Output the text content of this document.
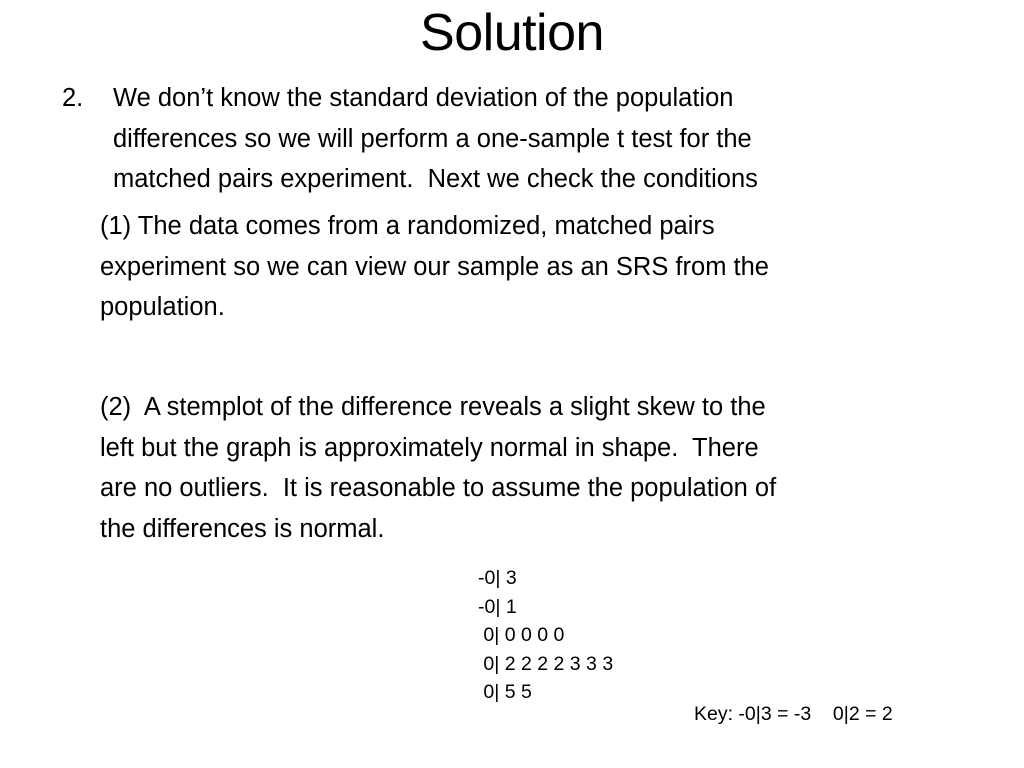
Solution
2. We don’t know the standard deviation of the population
differences so we will perform a one-sample t test for the
matched pairs experiment.  Next we check the conditions
(1) The data comes from a randomized, matched pairs
experiment so we can view our sample as an SRS from the
population.
(2)  A stemplot of the difference reveals a slight skew to the
left but the graph is approximately normal in shape.  There
are no outliers.  It is reasonable to assume the population of
the differences is normal.
-0| 3
-0| 1
0| 0 0 0 0
0| 2 2 2 2 3 3 3
0| 5 5
Key: -0|3 = -3    0|2 = 2
